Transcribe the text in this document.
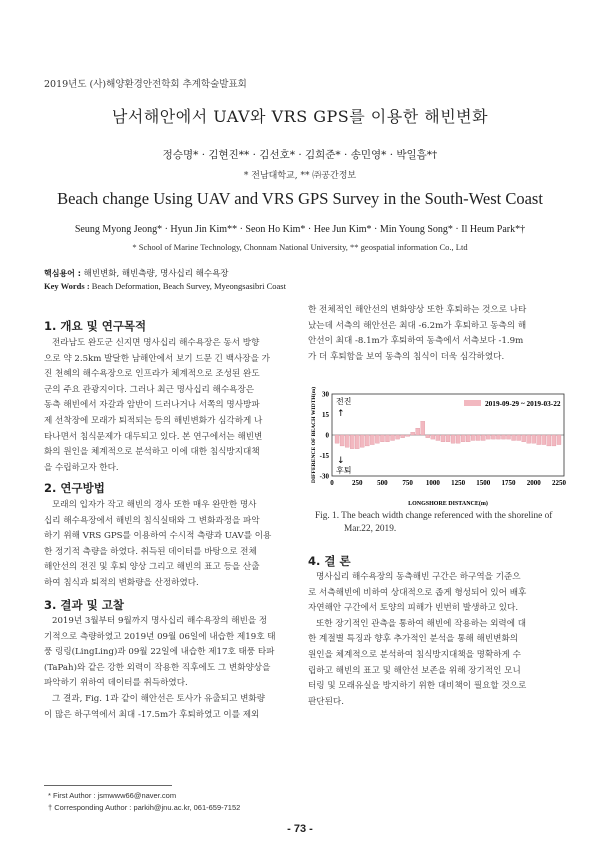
2019년도 (사)해양환경안전학회 추계학술발표회
남서해안에서 UAV와 VRS GPS를 이용한 해빈변화
정승명* · 김현진** · 김선호* · 김희준* · 송민영* · 박일흠*†
* 전남대학교, ** ㈜공간정보
Beach change Using UAV and VRS GPS Survey in the South-West Coast
Seung Myong Jeong* · Hyun Jin Kim** · Seon Ho Kim* · Hee Jun Kim* · Min Young Song* · Il Heum Park*†
* School of Marine Technology, Chonnam National University, ** geospatial information Co., Ltd
핵심용어 : 해빈변화, 해빈측량, 명사십리 해수욕장
Key Words : Beach Deformation, Beach Survey, Myeongsasibri Coast
1. 개요 및 연구목적
전라남도 완도군 신지면 명사십리 해수욕장은 동서 방향
으로 약 2.5km 발달한 남해안에서 보기 드문 긴 백사장을 가
진 천혜의 해수욕장으로 인프라가 체계적으로 조성된 완도
군의 주요 관광지이다. 그러나 최근 명사십리 해수욕장은
동측 해빈에서 자갈과 암반이 드러나거나 서쪽의 명사방파
제 선착장에 모래가 퇴적되는 등의 해빈변화가 심각하게 나
타나면서 침식문제가 대두되고 있다. 본 연구에서는 해빈변
화의 원인을 체계적으로 분석하고 이에 대한 침식방지대책
을 수립하고자 한다.
2. 연구방법
모래의 입자가 작고 해빈의 경사 또한 매우 완만한 명사
십리 해수욕장에서 해빈의 침식실태와 그 변화과정을 파악
하기 위해 VRS GPS를 이용하여 수시적 측량과 UAV를 이용
한 정기적 측량을 하였다. 취득된 데이터를 바탕으로 전체
해안선의 전진 및 후퇴 양상 그리고 해빈의 표고 등을 산출
하여 침식과 퇴적의 변화량을 산정하였다.
3. 결과 및 고찰
2019년 3월부터 9월까지 명사십리 해수욕장의 해빈을 정
기적으로 측량하였고 2019년 09월 06일에 내습한 제19호 태
풍 링링(LingLing)과 09월 22일에 내습한 제17호 태풍 타파
(TaPah)와 같은 강한 외력이 작용한 직후에도 그 변화양상을
파악하기 위하여 데이터를 취득하였다.
그 결과, Fig. 1과 같이 해안선은 토사가 유출되고 변화량
이 많은 하구역에서 최대 -17.5m가 후퇴하였고 이를 제외
한 전체적인 해안선의 변화양상 또한 후퇴하는 것으로 나타
났는데 서측의 해안선은 최대 -6.2m가 후퇴하고 동측의 해
안선이 최대 -8.1m가 후퇴하여 동측에서 서측보다 -1.9m
가 더 후퇴함을 보여 동측의 침식이 더욱 심각하였다.
DIFFERENCE OF BEACH WIDTH(m)
LONGSHORE DISTANCE(m)
전진
↑
↓
후퇴
2019-09-29 ~ 2019-03-22
0	250 500 750 1000 1250 1500 1750 2000 2250
30
15
0
-15
-30
Fig. 1. The beach width change referenced with the shoreline of
Mar.22, 2019.
4. 결 론
명사십리 해수욕장의 동측해빈 구간은 하구역을 기준으
로 서측해빈에 비하여 상대적으로 좁게 형성되어 있어 배후
자연해안 구간에서 토양의 피해가 빈번히 발생하고 있다.
또한 장기적인 관측을 통하여 해빈에 작용하는 외력에 대
한 계절별 특징과 향후 추가적인 분석을 통해 해빈변화의
원인을 체계적으로 분석하여 침식방지대책을 명확하게 수
립하고 해빈의 표고 및 해안선 보존을 위해 장기적인 모니
터링 및 모래유실을 방지하기 위한 대비책이 필요할 것으로
판단된다.
* First Author : jsmwww66@naver.com
† Corresponding Author : parkih@jnu.ac.kr, 061-659-7152
- 73 -
